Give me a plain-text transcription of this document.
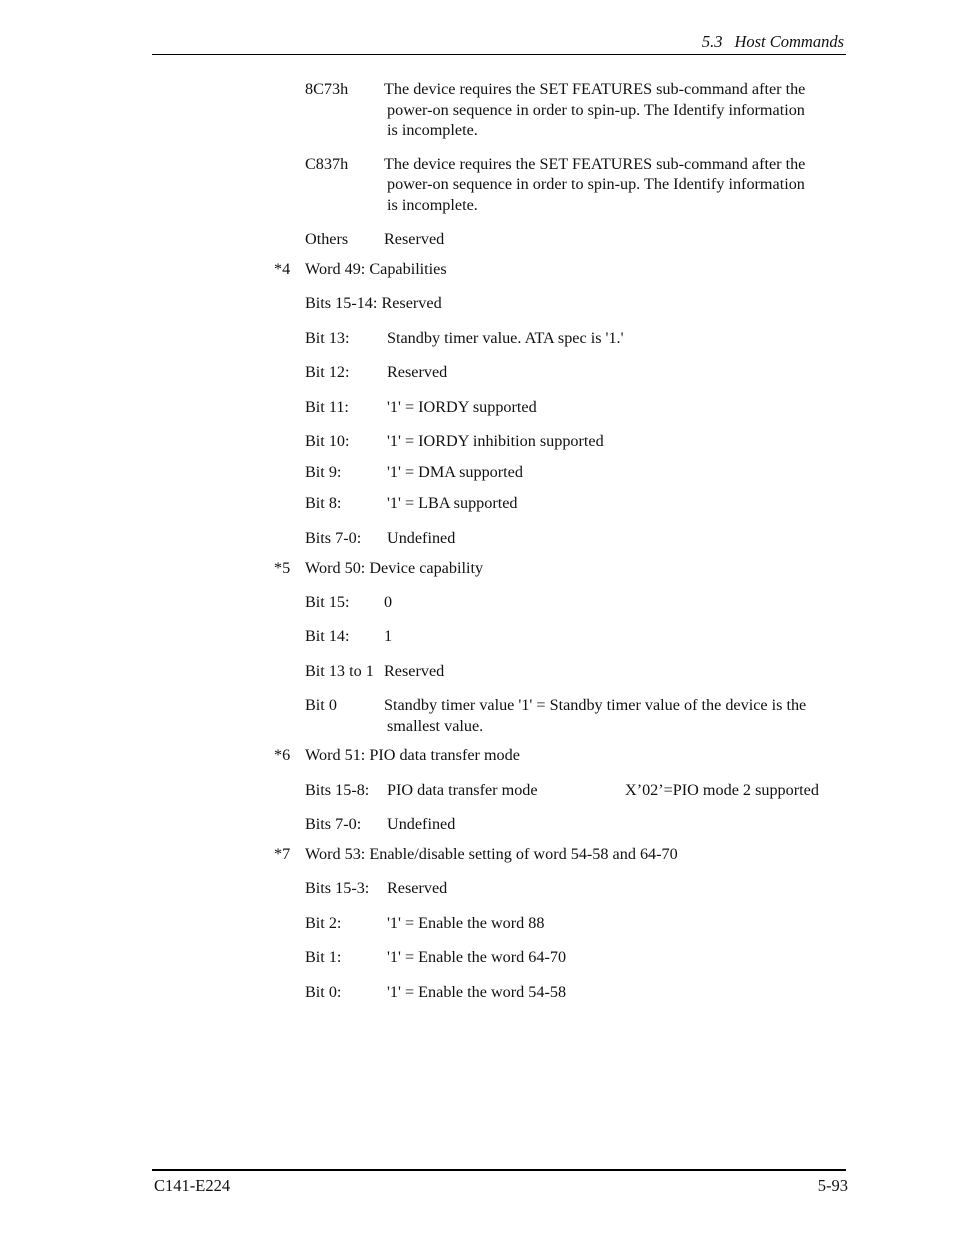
5.3 Host Commands
8C73h The device requires the SET FEATURES sub-command after the
power-on sequence in order to spin-up. The Identify information
is incomplete.
C837h The device requires the SET FEATURES sub-command after the
power-on sequence in order to spin-up. The Identify information
is incomplete.
Others Reserved
*4 Word 49: Capabilities
Bits 15-14: Reserved
Bit 13: Standby timer value. ATA spec is '1.'
Bit 12: Reserved
Bit 11: '1' = IORDY supported
Bit 10: '1' = IORDY inhibition supported
Bit 9:	'1' = DMA supported
Bit 8:	'1' = LBA supported
Bits 7-0: Undefined
*5 Word 50: Device capability
Bit 15: 0
Bit 14: 1
Bit 13 to 1 Reserved
Bit 0	Standby timer value '1' = Standby timer value of the device is the
smallest value.
*6 Word 51: PIO data transfer mode
Bits 15-8: PIO data transfer mode	X’02’=PIO mode 2 supported
Bits 7-0: Undefined
*7 Word 53: Enable/disable setting of word 54-58 and 64-70
Bits 15-3: Reserved
Bit 2:	'1' = Enable the word 88
Bit 1:	'1' = Enable the word 64-70
Bit 0:	'1' = Enable the word 54-58
C141-E224	5-93
